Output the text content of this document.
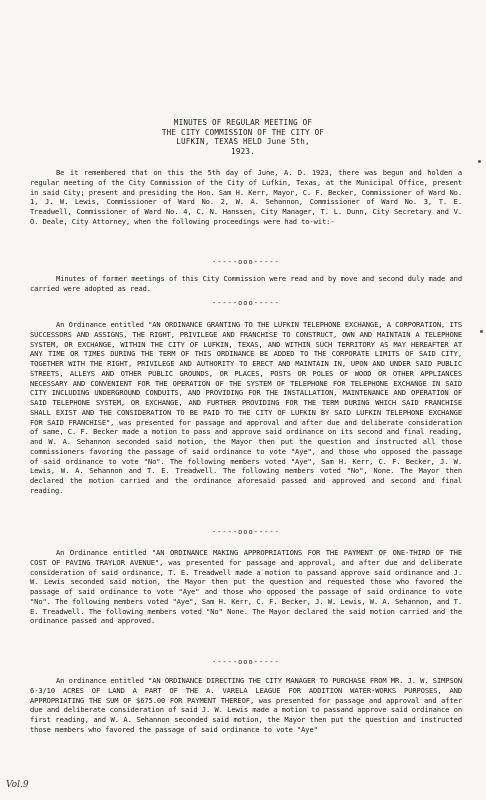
MINUTES OF REGULAR MEETING OF
THE CITY COMMISSION OF THE CITY OF
LUFKIN, TEXAS HELD June 5th,
1923.

Be it remembered that on this the 5th day of June, A. D. 1923, there was begun and holden a regular meeting of the City Commission of the City of Lufkin, Texas, at the Municipal Office, present in said City; present and presiding the Hon. Sam H. Kerr, Mayor, C. F. Becker, Commissioner of Ward No. 1, J. W. Lewis, Commissioner of Ward No. 2, W. A. Sehannon, Commissioner of Ward No. 3, T. E. Treadwell, Commissioner of Ward No. 4, C. N. Hanssen, City Manager, T. L. Dunn, City Secretary and V. O. Deale, City Attorney, when the following proceedings were had to-wit:-

-----ooo-----

Minutes of former meetings of this City Commission were read and by move and second duly made and carried were adopted as read.

-----ooo-----

An Ordinance entitled "AN ORDINANCE GRANTING TO THE LUFKIN TELEPHONE EXCHANGE, A CORPORATION, ITS SUCCESSORS AND ASSIGNS, THE RIGHT, PRIVILEGE AND FRANCHISE TO CONSTRUCT, OWN AND MAINTAIN A TELEPHONE SYSTEM, OR EXCHANGE, WITHIN THE CITY OF LUFKIN, TEXAS, AND WITHIN SUCH TERRITORY AS MAY HEREAFTER AT ANY TIME OR TIMES DURING THE TERM OF THIS ORDINANCE BE ADDED TO THE CORPORATE LIMITS OF SAID CITY, TOGETHER WITH THE RIGHT, PRIVILEGE AND AUTHORITY TO ERECT AND MAINTAIN IN, UPON AND UNDER SAID PUBLIC STREETS, ALLEYS AND OTHER PUBLIC GROUNDS, OR PLACES, POSTS OR POLES OF WOOD OR OTHER APPLIANCES NECESSARY AND CONVENIENT FOR THE OPERATION OF THE SYSTEM OF TELEPHONE FOR TELEPHONE EXCHANGE IN SAID CITY INCLUDING UNDERGROUND CONDUITS, AND PROVIDING FOR THE INSTALLATION, MAINTENANCE AND OPERATION OF SAID TELEPHONE SYSTEM, OR EXCHANGE, AND FURTHER PROVIDING FOR THE TERM DURING WHICH SAID FRANCHISE SHALL EXIST AND THE CONSIDERATION TO BE PAID TO THE CITY OF LUFKIN BY SAID LUFKIN TELEPHONE EXCHANGE FOR SAID FRANCHISE", was presented for passage and approval and after due and deliberate consideration of same, C. F. Becker made a motion to pass and approve said ordinance on its second and final reading, and W. A. Sehannon seconded said motion, the Mayor then put the question and instructed all those commissioners favoring the passage of said ordinance to vote "Aye", and those who opposed the passage of said ordinance to vote "No". The following members voted "Aye", Sam H. Kerr, C. F. Becker, J. W. Lewis, W. A. Sehannon and T. E. Treadwell. The following members voted "No", None. The Mayor then declared the motion carried and the ordinance aforesaid passed and approved and second and final reading.

-----ooo-----

An Ordinance entitled "AN ORDINANCE MAKING APPROPRIATIONS FOR THE PAYMENT OF ONE-THIRD OF THE COST OF PAVING TRAYLOR AVENUE", was presented for passage and approval, and after due and deliberate consideration of said ordinance, T. E. Treadwell made a motion to passand approve said ordinance and J. W. Lewis seconded said motion, the Mayor then put the question and requested those who favored the passage of said ordinance to vote "Aye" and those who opposed the passage of said ordinance to vote "No". The following members voted "Aye", Sam H. Kerr, C. F. Becker, J. W. Lewis, W. A. Sehannon, and T. E. Treadwell. The following members voted "No" None. The Mayor declared the said motion carried and the ordinance passed and approved.

-----ooo-----

An ordinance entitled "AN ORDINANCE DIRECTING THE CITY MANAGER TO PURCHASE FROM MR. J. W. SIMPSON 6-3/10 ACRES OF LAND A PART OF THE A. VARELA LEAGUE FOR ADDITION WATER-WORKS PURPOSES, AND APPROPRIATING THE SUM OF $675.00 FOR PAYMENT THEREOF, was presented for passage and approval and after due and deliberate consideration of said J. W. Lewis made a motion to passand approve said ordinance on first reading, and W. A. Sehannon seconded said motion, the Mayor then put the question and instructed those members who favored the passage of said ordinance to vote "Aye"

Vol.9
